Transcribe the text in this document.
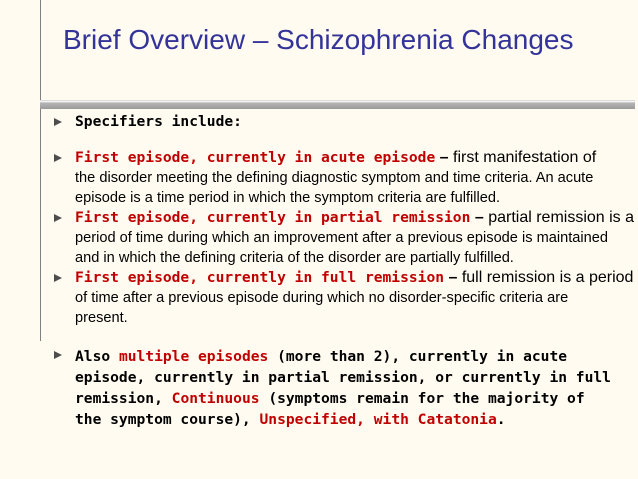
Brief Overview – Schizophrenia Changes
Specifiers include:
First episode, currently in acute episode – first manifestation of
the disorder meeting the defining diagnostic symptom and time criteria. An acute episode is a time period in which the symptom criteria are fulfilled.
First episode, currently in partial remission – partial remission is a
period of time during which an improvement after a previous episode is maintained and in which the defining criteria of the disorder are partially fulfilled.
First episode, currently in full remission – full remission is a period
of time after a previous episode during which no disorder-specific criteria are present.
Also multiple episodes (more than 2), currently in acute episode, currently in partial remission, or currently in full remission, Continuous (symptoms remain for the majority of the symptom course), Unspecified, with Catatonia.
